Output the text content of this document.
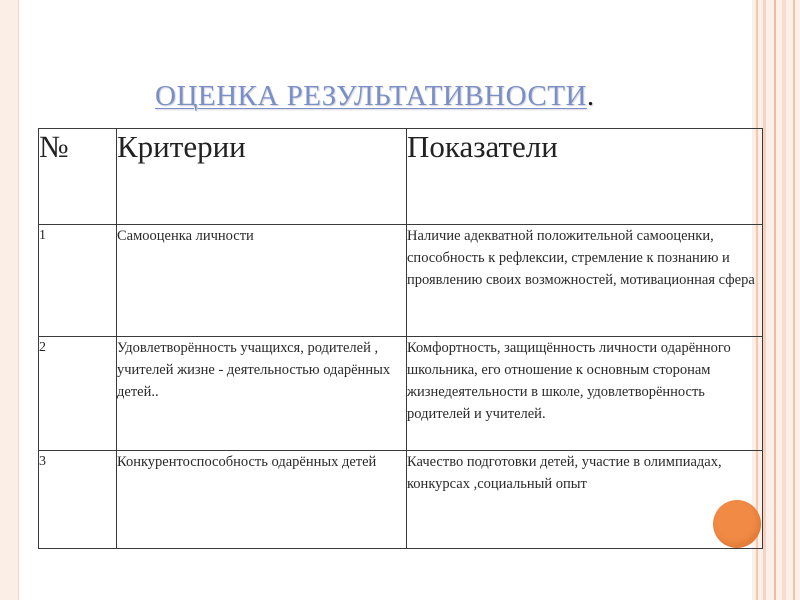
ОЦЕНКА РЕЗУЛЬТАТИВНОСТИ.
№	Критерии	Показатели
1	Самооценка личности	Наличие адекватной положительной самооценки, способность к рефлексии, стремление к познанию и проявлению своих возможностей, мотивационная сфера
2	Удовлетворённость учащихся, родителей , учителей жизне - деятельностью одарённых детей..	Комфортность, защищённость личности одарённого школьника, его отношение к основным сторонам жизнедеятельности в школе, удовлетворённость родителей и учителей.
3	Конкурентоспособность одарённых детей	Качество подготовки детей, участие в олимпиадах, конкурсах ,социальный опыт
